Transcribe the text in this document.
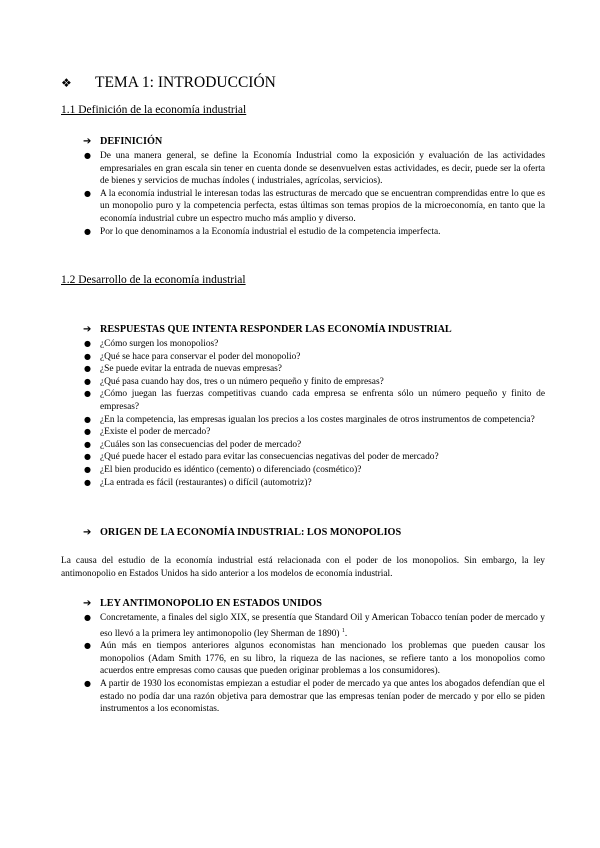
❖	TEMA 1: INTRODUCCIÓN
1.1 Definición de la economía industrial
➔ DEFINICIÓN
● De una manera general, se define la Economía Industrial como la exposición y evaluación de las actividades empresariales en gran escala sin tener en cuenta donde se desenvuelven estas actividades, es decir, puede ser la oferta de bienes y servicios de muchas índoles ( industriales, agrícolas, servicios).
● A la economía industrial le interesan todas las estructuras de mercado que se encuentran comprendidas entre lo que es un monopolio puro y la competencia perfecta, estas últimas son temas propios de la microeconomía, en tanto que la economía industrial cubre un espectro mucho más amplio y diverso.
● Por lo que denominamos a la Economía industrial el estudio de la competencia imperfecta.
1.2 Desarrollo de la economía industrial
➔ RESPUESTAS QUE INTENTA RESPONDER LAS ECONOMÍA INDUSTRIAL
● ¿Cómo surgen los monopolios?
● ¿Qué se hace para conservar el poder del monopolio?
● ¿Se puede evitar la entrada de nuevas empresas?
● ¿Qué pasa cuando hay dos, tres o un número pequeño y finito de empresas?
● ¿Cómo juegan las fuerzas competitivas cuando cada empresa se enfrenta sólo un número pequeño y finito de empresas?
● ¿En la competencia, las empresas igualan los precios a los costes marginales de otros instrumentos de competencia?
● ¿Existe el poder de mercado?
● ¿Cuáles son las consecuencias del poder de mercado?
● ¿Qué puede hacer el estado para evitar las consecuencias negativas del poder de mercado?
● ¿El bien producido es idéntico (cemento) o diferenciado (cosmético)?
● ¿La entrada es fácil (restaurantes) o difícil (automotriz)?
➔ ORIGEN DE LA ECONOMÍA INDUSTRIAL: LOS MONOPOLIOS

La causa del estudio de la economía industrial está relacionada con el poder de los monopolios. Sin embargo, la ley antimonopolio en Estados Unidos ha sido anterior a los modelos de economía industrial.

➔ LEY ANTIMONOPOLIO EN ESTADOS UNIDOS
● Concretamente, a finales del siglo XIX, se presentía que Standard Oil y American Tobacco tenían poder de mercado y eso llevó a la primera ley antimonopolio (ley Sherman de 1890) $^1$.
● Aún más en tiempos anteriores algunos economistas han mencionado los problemas que pueden causar los monopolios (Adam Smith 1776, en su libro, la riqueza de las naciones, se refiere tanto a los monopolios como acuerdos entre empresas como causas que pueden originar problemas a los consumidores).
● A partir de 1930 los economistas empiezan a estudiar el poder de mercado ya que antes los abogados defendían que el estado no podía dar una razón objetiva para demostrar que las empresas tenían poder de mercado y por ello se piden instrumentos a los economistas.
